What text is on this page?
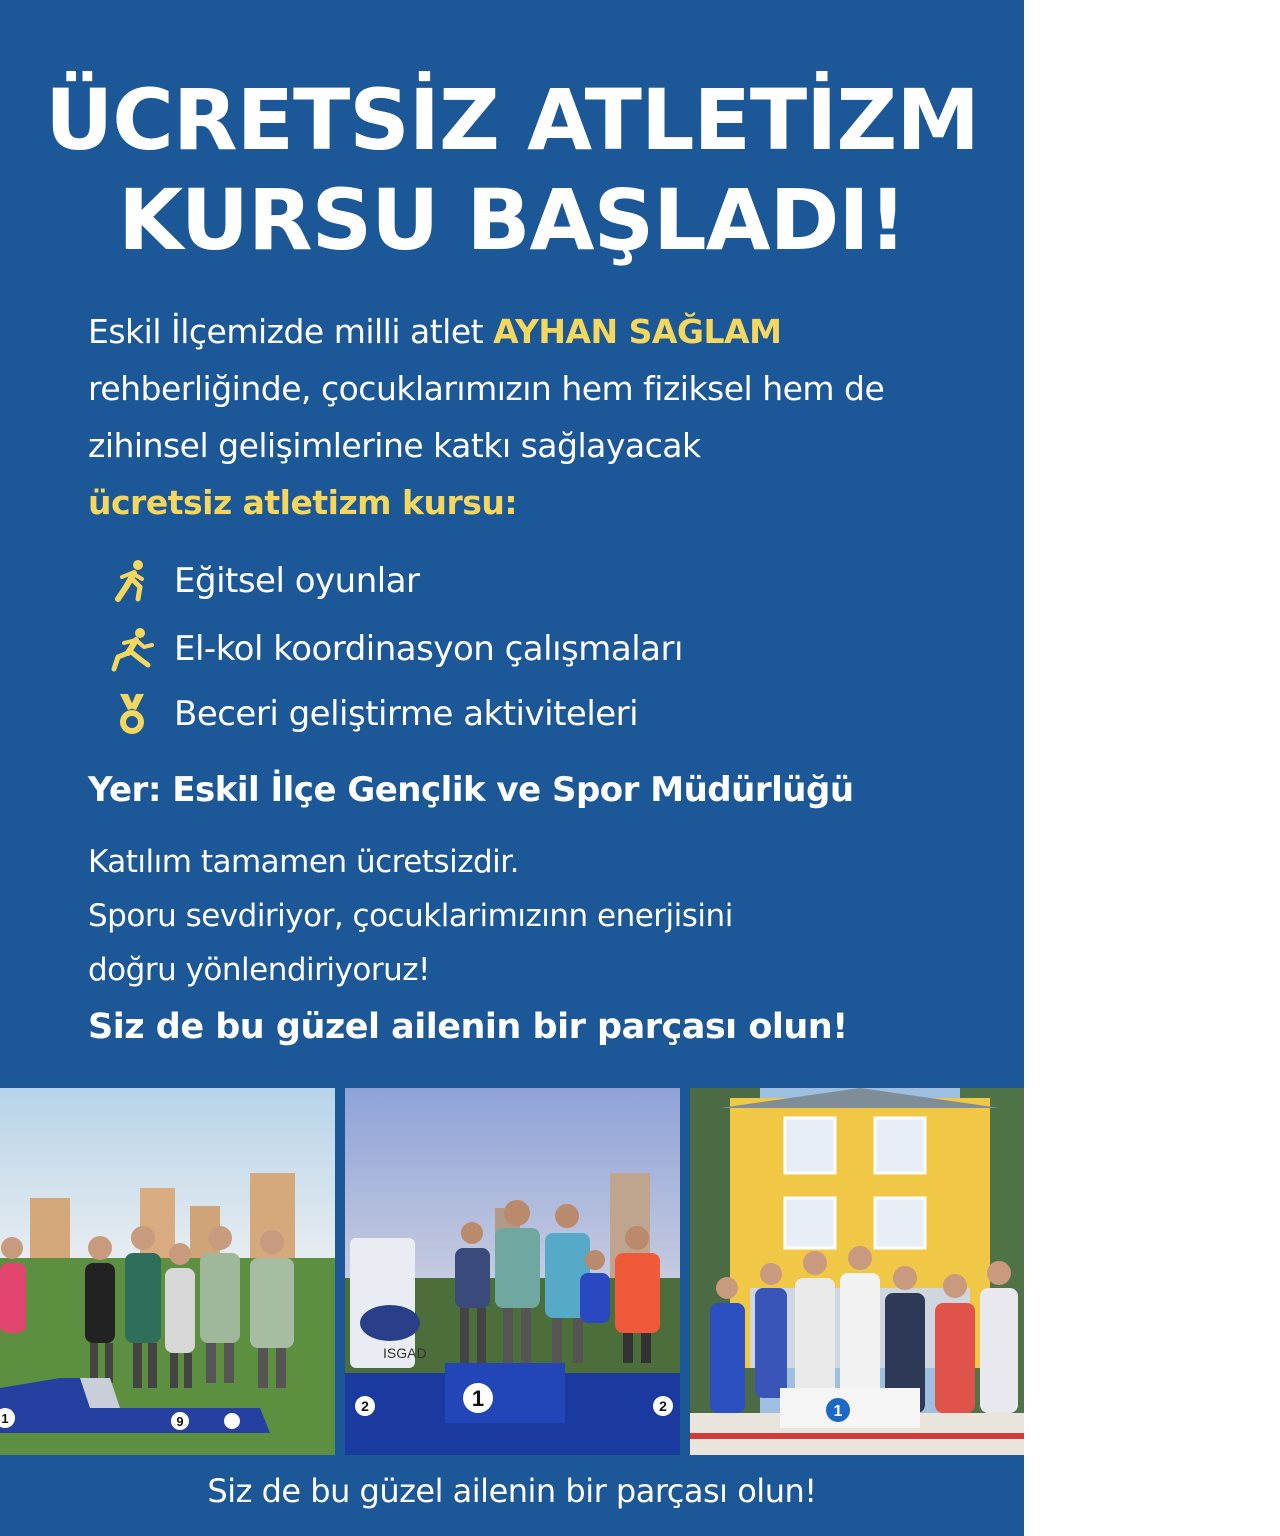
ÜCRETSİZ ATLETİZM
KURSU BAŞLADI!

Eskil İlçemizde milli atlet AYHAN SAĞLAM rehberliğinde, çocuklarımızın hem fiziksel hem de zihinsel gelişimlerine katkı sağlayacak
ücretsiz atletizm kursu:

Eğitsel oyunlar
El-kol koordinasyon çalışmaları
Beceri geliştirme aktiviteleri
Yer: Eskil İlçe Gençlik ve Spor Müdürlüğü
Katılım tamamen ücretsizdir.
Sporu sevdiriyor, çocuklarimızınn enerjisini
doğru yönlendiriyoruz!
Siz de bu güzel ailenin bir parçası olun!
9
1
ISGAD
1
2	2	1
Siz de bu güzel ailenin bir parçası olun!
